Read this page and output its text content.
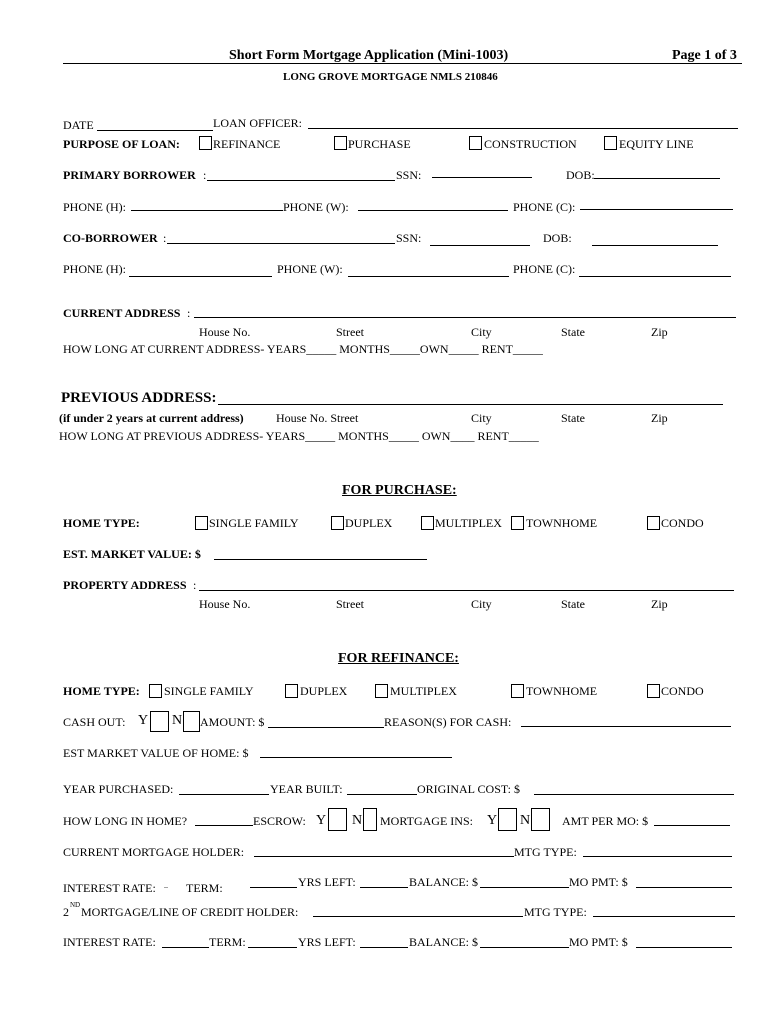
Short Form Mortgage Application (Mini-1003)	Page 1 of 3
LONG GROVE MORTGAGE NMLS 210846
DATE	LOAN OFFICER:
PURPOSE OF LOAN:	REFINANCE	PURCHASE	CONSTRUCTION	EQUITY LINE
PRIMARY BORROWER :	SSN:	DOB:
PHONE (H):	PHONE (W):	PHONE (C):
CO-BORROWER :	SSN:	DOB:
PHONE (H):	PHONE (W):	PHONE (C):
CURRENT ADDRESS :
House No.	Street	City	State	Zip
HOW LONG AT CURRENT ADDRESS- YEARS_____ MONTHS_____OWN_____ RENT_____
PREVIOUS ADDRESS:
(if under 2 years at current address)	House No. Street	City	State	Zip
HOW LONG AT PREVIOUS ADDRESS- YEARS_____ MONTHS_____ OWN____ RENT_____
FOR PURCHASE:
HOME TYPE:	SINGLE FAMILY	DUPLEX	MULTIPLEX TOWNHOME	CONDO
EST. MARKET VALUE: $
PROPERTY ADDRESS :
House No.	Street	City	State	Zip
FOR REFINANCE:
HOME TYPE: SINGLE FAMILY	DUPLEX	MULTIPLEX	TOWNHOME	CONDO
CASH OUT: Y N AMOUNT: $	REASON(S) FOR CASH:
EST MARKET VALUE OF HOME: $
YEAR PURCHASED:	YEAR BUILT:	ORIGINAL COST: $
HOW LONG IN HOME?	ESCROW: Y N MORTGAGE INS: Y N	AMT PER MO: $
CURRENT MORTGAGE HOLDER:	MTG TYPE:
INTEREST RATE: .. TERM:	YRS LEFT:	BALANCE: $	MO PMT: $
2 ND MORTGAGE/LINE OF CREDIT HOLDER:	MTG TYPE:
INTEREST RATE:	TERM:	YRS LEFT:	BALANCE: $	MO PMT: $
